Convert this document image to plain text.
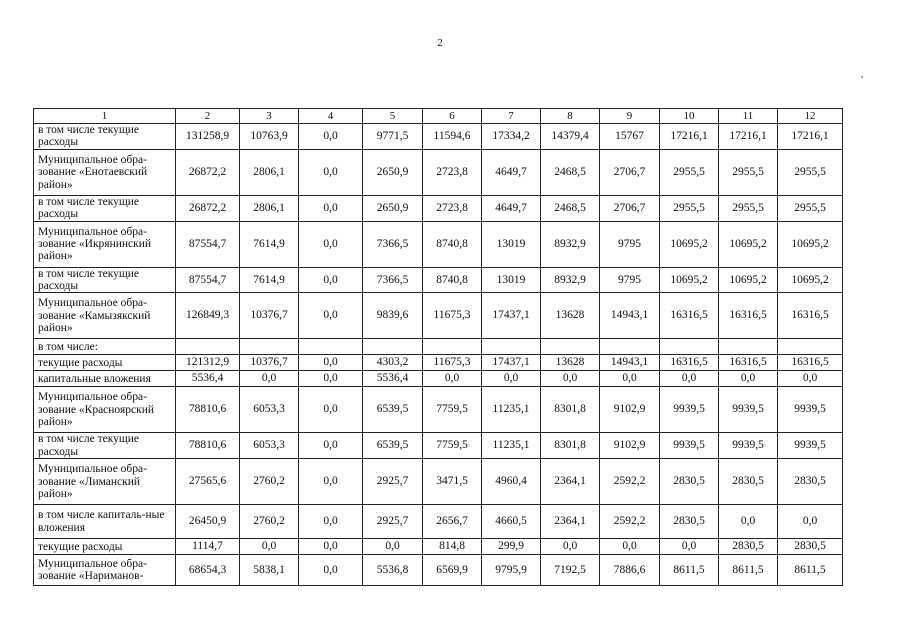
2
1	2	3	4	5	6	7	8	9	10	11	12
в том числе текущие расходы	131258,9	10763,9	0,0	9771,5	11594,6	17334,2	14379,4	15767	17216,1	17216,1	17216,1
Муниципальное обра-зование «Енотаевский район»	26872,2	2806,1	0,0	2650,9	2723,8	4649,7	2468,5	2706,7	2955,5	2955,5	2955,5
в том числе текущие расходы	26872,2	2806,1	0,0	2650,9	2723,8	4649,7	2468,5	2706,7	2955,5	2955,5	2955,5
Муниципальное обра-зование «Икрянинский район»	87554,7	7614,9	0,0	7366,5	8740,8	13019	8932,9	9795	10695,2	10695,2	10695,2
в том числе текущие расходы	87554,7	7614,9	0,0	7366,5	8740,8	13019	8932,9	9795	10695,2	10695,2	10695,2
Муниципальное обра-зование «Камызякский район»	126849,3	10376,7	0,0	9839,6	11675,3	17437,1	13628	14943,1	16316,5	16316,5	16316,5
в том числе:											
текущие расходы	121312,9	10376,7	0,0	4303,2	11675,3	17437,1	13628	14943,1	16316,5	16316,5	16316,5
капитальные вложения	5536,4	0,0	0,0	5536,4	0,0	0,0	0,0	0,0	0,0	0,0	0,0
Муниципальное обра-зование «Красноярский район»	78810,6	6053,3	0,0	6539,5	7759,5	11235,1	8301,8	9102,9	9939,5	9939,5	9939,5
в том числе текущие расходы	78810,6	6053,3	0,0	6539,5	7759,5	11235,1	8301,8	9102,9	9939,5	9939,5	9939,5
Муниципальное обра-зование «Лиманский район»	27565,6	2760,2	0,0	2925,7	3471,5	4960,4	2364,1	2592,2	2830,5	2830,5	2830,5
в том числе капиталь-ные вложения	26450,9	2760,2	0,0	2925,7	2656,7	4660,5	2364,1	2592,2	2830,5	0,0	0,0
текущие расходы	1114,7	0,0	0,0	0,0	814,8	299,9	0,0	0,0	0,0	2830,5	2830,5
Муниципальное обра-зование «Нариманов-	68654,3	5838,1	0,0	5536,8	6569,9	9795,9	7192,5	7886,6	8611,5	8611,5	8611,5
